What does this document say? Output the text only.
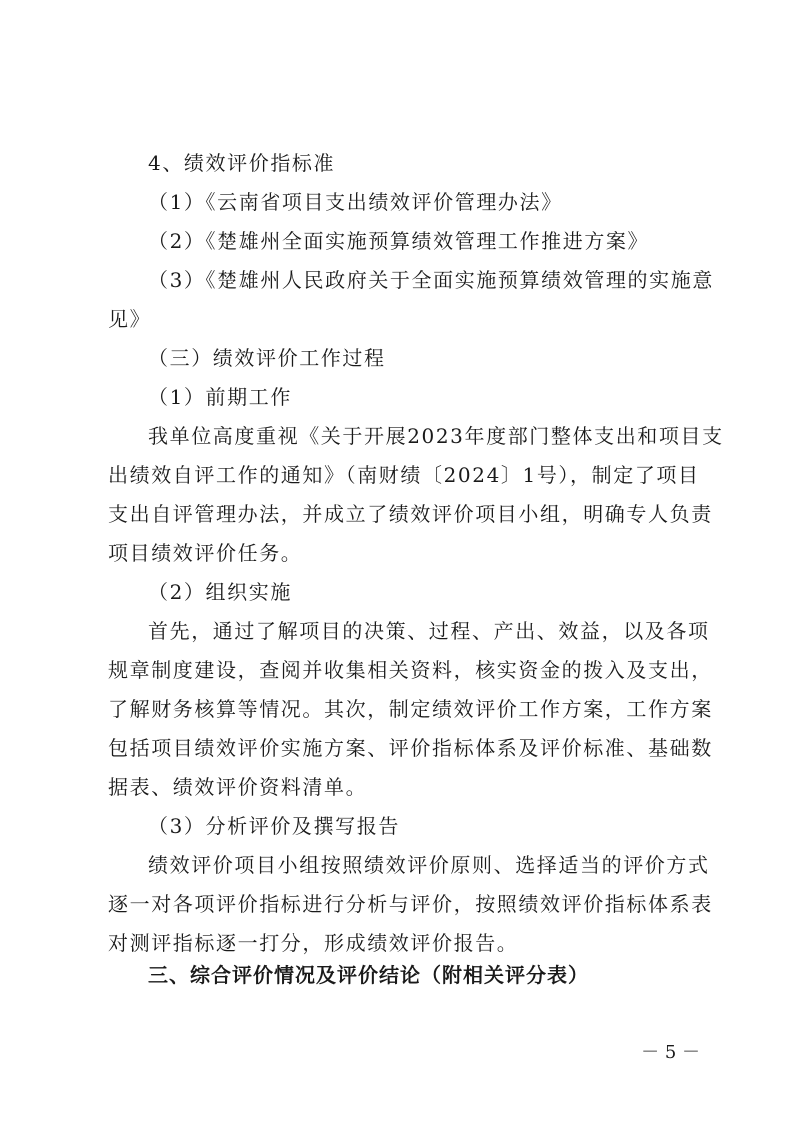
4、绩效评价指标准
（1）《云南省项目支出绩效评价管理办法》
（2）《楚雄州全面实施预算绩效管理工作推进方案》
（3）《楚雄州人民政府关于全面实施预算绩效管理的实施意
见》
（三）绩效评价工作过程
（1）前期工作
我单位高度重视《关于开展2023年度部门整体支出和项目支
出绩效自评工作的通知》（南财绩〔2024〕1号），制定了项目
支出自评管理办法，并成立了绩效评价项目小组，明确专人负责
项目绩效评价任务。
（2）组织实施
首先，通过了解项目的决策、过程、产出、效益，以及各项
规章制度建设，查阅并收集相关资料，核实资金的拨入及支出，
了解财务核算等情况。其次，制定绩效评价工作方案，工作方案
包括项目绩效评价实施方案、评价指标体系及评价标准、基础数
据表、绩效评价资料清单。
（3）分析评价及撰写报告
绩效评价项目小组按照绩效评价原则、选择适当的评价方式
逐一对各项评价指标进行分析与评价，按照绩效评价指标体系表
对测评指标逐一打分，形成绩效评价报告。
三、综合评价情况及评价结论（附相关评分表）
－ 5 －
